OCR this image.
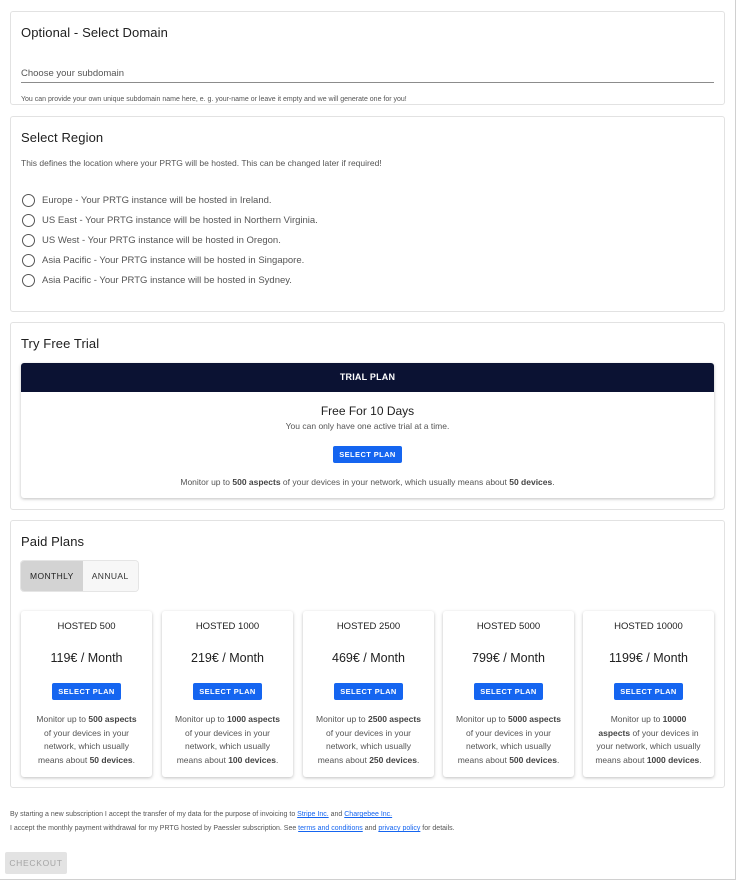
Optional - Select Domain
Choose your subdomain
You can provide your own unique subdomain name here, e. g. your-name or leave it empty and we will generate one for you!
Select Region
This defines the location where your PRTG will be hosted. This can be changed later if required!
Europe - Your PRTG instance will be hosted in Ireland.
US East - Your PRTG instance will be hosted in Northern Virginia.
US West - Your PRTG instance will be hosted in Oregon.
Asia Pacific - Your PRTG instance will be hosted in Singapore.
Asia Pacific - Your PRTG instance will be hosted in Sydney.
Try Free Trial
TRIAL PLAN
Free For 10 Days
You can only have one active trial at a time.
SELECT PLAN
Monitor up to 500 aspects of your devices in your network, which usually means about 50 devices.
Paid Plans
MONTHLY	ANNUAL
HOSTED 500
119€ / Month
SELECT PLAN
Monitor up to 500 aspects of your devices in your network, which usually means about 50 devices.
HOSTED 1000
219€ / Month
SELECT PLAN
Monitor up to 1000 aspects of your devices in your network, which usually means about 100 devices.
HOSTED 2500
469€ / Month
SELECT PLAN
Monitor up to 2500 aspects of your devices in your network, which usually means about 250 devices.
HOSTED 5000
799€ / Month
SELECT PLAN
Monitor up to 5000 aspects of your devices in your network, which usually means about 500 devices.
HOSTED 10000
1199€ / Month
SELECT PLAN
Monitor up to 10000 aspects of your devices in your network, which usually means about 1000 devices.
By starting a new subscription I accept the transfer of my data for the purpose of invoicing to Stripe Inc. and Chargebee Inc.
I accept the monthly payment withdrawal for my PRTG hosted by Paessler subscription. See terms and conditions and privacy policy for details.
CHECKOUT
